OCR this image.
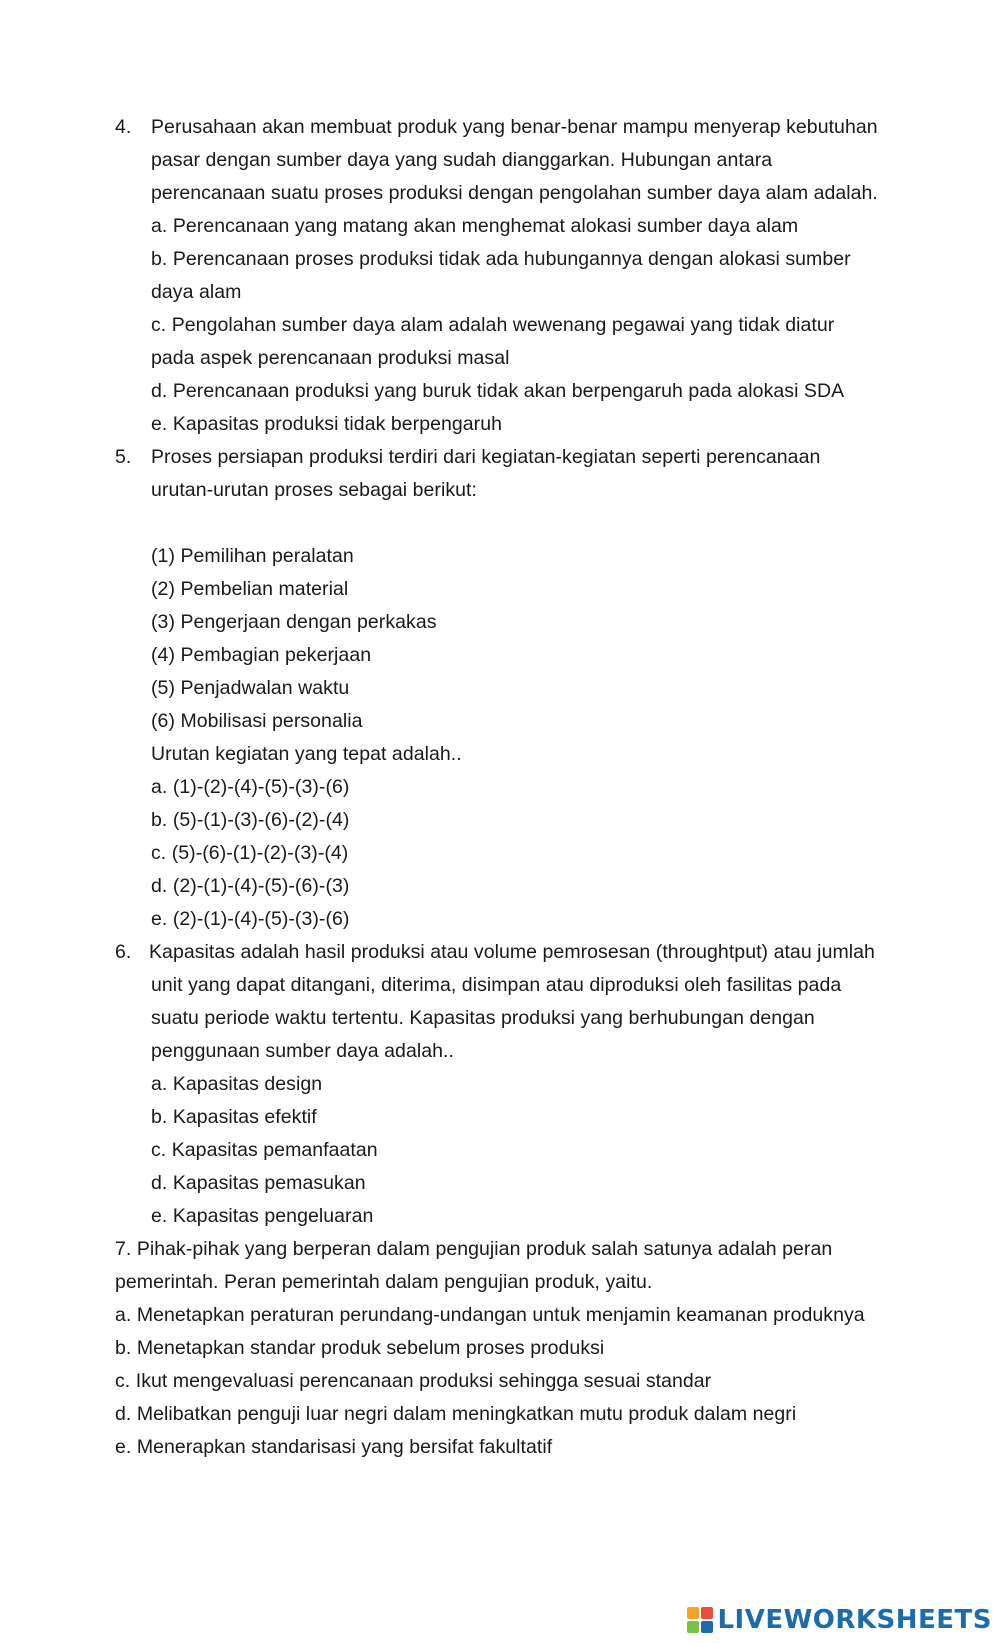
4. Perusahaan akan membuat produk yang benar-benar mampu menyerap kebutuhan
pasar dengan sumber daya yang sudah dianggarkan. Hubungan antara
perencanaan suatu proses produksi dengan pengolahan sumber daya alam adalah.
a. Perencanaan yang matang akan menghemat alokasi sumber daya alam
b. Perencanaan proses produksi tidak ada hubungannya dengan alokasi sumber
daya alam
c. Pengolahan sumber daya alam adalah wewenang pegawai yang tidak diatur
pada aspek perencanaan produksi masal
d. Perencanaan produksi yang buruk tidak akan berpengaruh pada alokasi SDA
e. Kapasitas produksi tidak berpengaruh
5. Proses persiapan produksi terdiri dari kegiatan-kegiatan seperti perencanaan
urutan-urutan proses sebagai berikut:
(1) Pemilihan peralatan
(2) Pembelian material
(3) Pengerjaan dengan perkakas
(4) Pembagian pekerjaan
(5) Penjadwalan waktu
(6) Mobilisasi personalia
Urutan kegiatan yang tepat adalah..
a. (1)-(2)-(4)-(5)-(3)-(6)
b. (5)-(1)-(3)-(6)-(2)-(4)
c. (5)-(6)-(1)-(2)-(3)-(4)
d. (2)-(1)-(4)-(5)-(6)-(3)
e. (2)-(1)-(4)-(5)-(3)-(6)
6. Kapasitas adalah hasil produksi atau volume pemrosesan (throughtput) atau jumlah
unit yang dapat ditangani, diterima, disimpan atau diproduksi oleh fasilitas pada
suatu periode waktu tertentu. Kapasitas produksi yang berhubungan dengan
penggunaan sumber daya adalah..
a. Kapasitas design
b. Kapasitas efektif
c. Kapasitas pemanfaatan
d. Kapasitas pemasukan
e. Kapasitas pengeluaran
7. Pihak-pihak yang berperan dalam pengujian produk salah satunya adalah peran
pemerintah. Peran pemerintah dalam pengujian produk, yaitu.
a. Menetapkan peraturan perundang-undangan untuk menjamin keamanan produknya
b. Menetapkan standar produk sebelum proses produksi
c. Ikut mengevaluasi perencanaan produksi sehingga sesuai standar
d. Melibatkan penguji luar negri dalam meningkatkan mutu produk dalam negri
e. Menerapkan standarisasi yang bersifat fakultatif
LIVEWORKSHEETS
